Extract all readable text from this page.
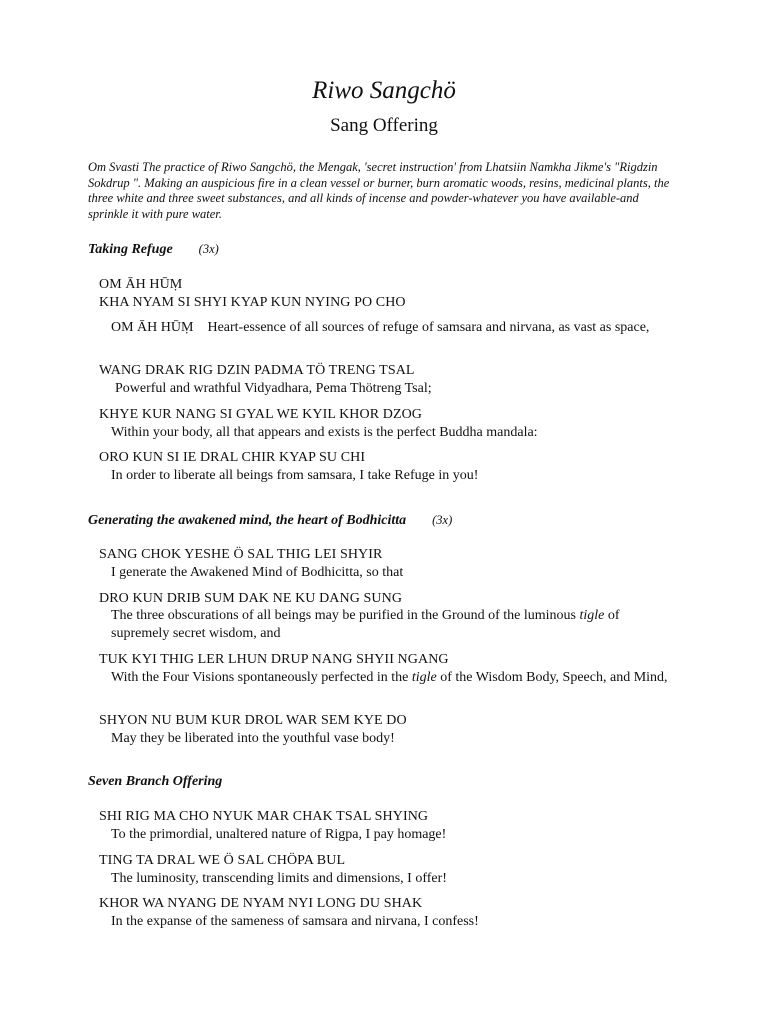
Riwo Sangchö
Sang Offering
Om Svasti The practice of Riwo Sangchö, the Mengak, 'secret instruction' from Lhatsiin Namkha Jikme's "Rigdzin Sokdrup ". Making an auspicious fire in a clean vessel or burner, burn aromatic woods, resins, medicinal plants, the three white and three sweet substances, and all kinds of incense and powder-whatever you have available-and sprinkle it with pure water.
Taking Refuge (3x)
OM ĀH HŪṂ
KHA NYAM SI SHYI KYAP KUN NYING PO CHO
OM ĀH HŪṂ Heart-essence of all sources of refuge of samsara and nirvana, as vast as space,
WANG DRAK RIG DZIN PADMA TÖ TRENG TSAL
Powerful and wrathful Vidyadhara, Pema Thötreng Tsal;
KHYE KUR NANG SI GYAL WE KYIL KHOR DZOG
Within your body, all that appears and exists is the perfect Buddha mandala:
ORO KUN SI IE DRAL CHIR KYAP SU CHI
In order to liberate all beings from samsara, I take Refuge in you!
Generating the awakened mind, the heart of Bodhicitta (3x)
SANG CHOK YESHE Ö SAL THIG LEI SHYIR
I generate the Awakened Mind of Bodhicitta, so that
DRO KUN DRIB SUM DAK NE KU DANG SUNG
The three obscurations of all beings may be purified in the Ground of the luminous tigle of supremely secret wisdom, and
TUK KYI THIG LER LHUN DRUP NANG SHYII NGANG
With the Four Visions spontaneously perfected in the tigle of the Wisdom Body, Speech, and Mind,
SHYON NU BUM KUR DROL WAR SEM KYE DO
May they be liberated into the youthful vase body!
Seven Branch Offering
SHI RIG MA CHO NYUK MAR CHAK TSAL SHYING
To the primordial, unaltered nature of Rigpa, I pay homage!
TING TA DRAL WE Ö SAL CHÖPA BUL
The luminosity, transcending limits and dimensions, I offer!
KHOR WA NYANG DE NYAM NYI LONG DU SHAK
In the expanse of the sameness of samsara and nirvana, I confess!
